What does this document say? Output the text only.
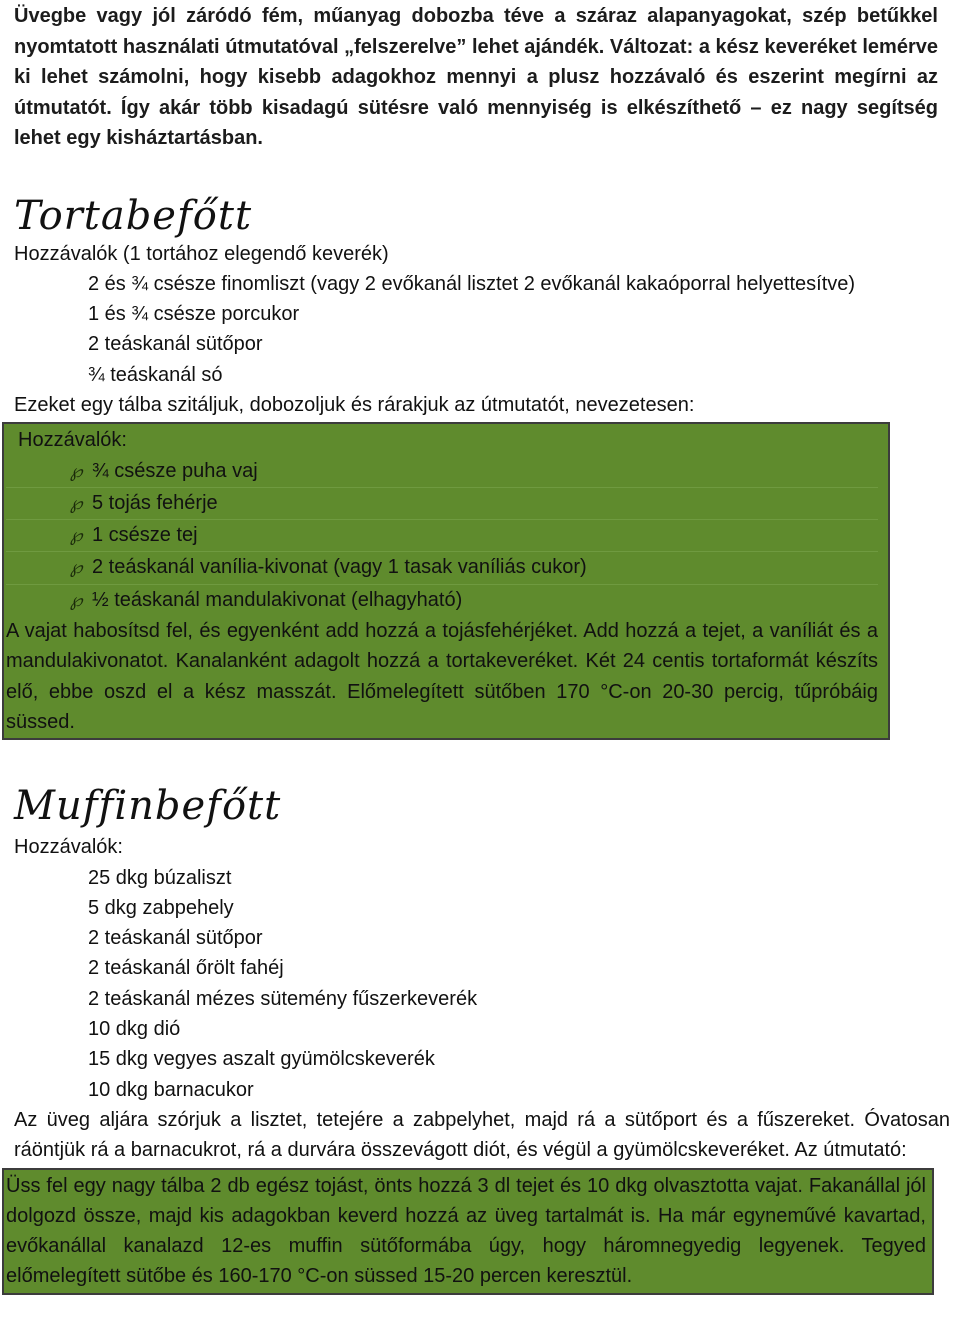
Üvegbe vagy jól záródó fém, műanyag dobozba téve a száraz alapanyagokat, szép betűkkel nyomtatott használati útmutatóval „felszerelve” lehet ajándék. Változat: a kész keveréket lemérve ki lehet számolni, hogy kisebb adagokhoz mennyi a plusz hozzávaló és eszerint megírni az útmutatót. Így akár több kisadagú sütésre való mennyiség is elkészíthető – ez nagy segítség lehet egy kisháztartásban.

Tortabefőtt

Hozzávalók (1 tortához elegendő keverék)

2 és ¾ csésze finomliszt (vagy 2 evőkanál lisztet 2 evőkanál kakaóporral helyettesítve)

1 és ¾ csésze porcukor

2 teáskanál sütőpor

¾ teáskanál só

Ezeket egy tálba szitáljuk, dobozoljuk és rárakjuk az útmutatót, nevezetesen:

Hozzávalók:

℘ ¾ csésze puha vaj
℘ 5 tojás fehérje
℘ 1 csésze tej
℘ 2 teáskanál vanília-kivonat (vagy 1 tasak vaníliás cukor)
℘ ½ teáskanál mandulakivonat (elhagyható)

A vajat habosítsd fel, és egyenként add hozzá a tojásfehérjéket. Add hozzá a tejet, a vaníliát és a mandulakivonatot. Kanalanként adagolt hozzá a tortakeveréket. Két 24 centis tortaformát készíts elő, ebbe oszd el a kész masszát. Előmelegített sütőben 170 °C-on 20-30 percig, tűpróbáig süssed.

Muffinbefőtt

Hozzávalók:

25 dkg búzaliszt

5 dkg zabpehely

2 teáskanál sütőpor

2 teáskanál őrölt fahéj

2 teáskanál mézes sütemény fűszerkeverék

10 dkg dió

15 dkg vegyes aszalt gyümölcskeverék

10 dkg barnacukor

Az üveg aljára szórjuk a lisztet, tetejére a zabpelyhet, majd rá a sütőport és a fűszereket. Óvatosan ráöntjük rá a barnacukrot, rá a durvára összevágott diót, és végül a gyümölcskeveréket. Az útmutató:

Üss fel egy nagy tálba 2 db egész tojást, önts hozzá 3 dl tejet és 10 dkg olvasztotta vajat. Fakanállal jól dolgozd össze, majd kis adagokban keverd hozzá az üveg tartalmát is. Ha már egyneművé kavartad, evőkanállal kanalazd 12-es muffin sütőformába úgy, hogy háromnegyedig legyenek. Tegyed előmelegített sütőbe és 160-170 °C-on süssed 15-20 percen keresztül.
